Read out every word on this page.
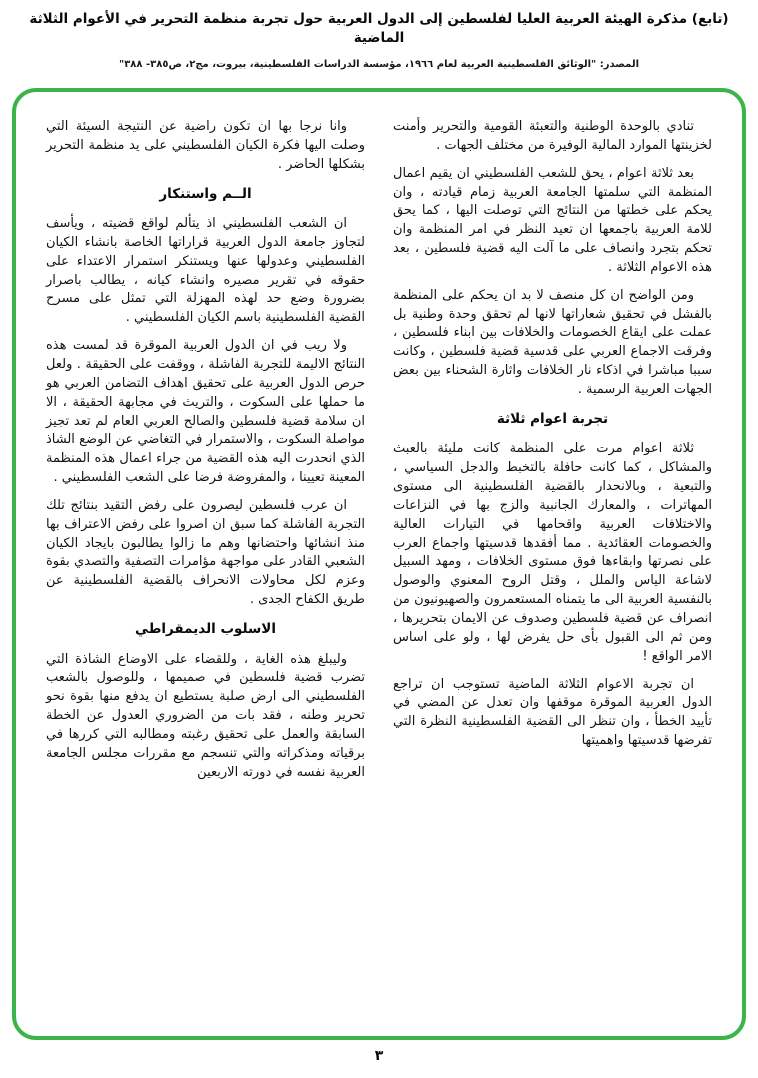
(تابع) مذكرة الهيئة العربية العليا لفلسطين إلى الدول العربية حول تجربة منظمة التحرير في الأعوام الثلاثة الماضية
المصدر: "الوثائق الفلسطينية العربية لعام ١٩٦٦، مؤسسة الدراسات الفلسطينية، بيروت، مج٢، ص٣٨٥- ٣٨٨"

تنادي بالوحدة الوطنية والتعبئة القومية والتحرير وأمنت لخزينتها الموارد المالية الوفيرة من مختلف الجهات .

بعد ثلاثة اعوام ، يحق للشعب الفلسطيني ان يقيم اعمال المنظمة التي سلمتها الجامعة العربية زمام قيادته ، وان يحكم على خطتها من النتائج التي توصلت اليها ، كما يحق للامة العربية باجمعها ان تعيد النظر في امر المنظمة وان تحكم بتجرد وانصاف على ما آلت اليه قضية فلسطين ، بعد هذه الاعوام الثلاثة .

ومن الواضح ان كل منصف لا بد ان يحكم على المنظمة بالفشل في تحقيق شعاراتها لانها لم تحقق وحدة وطنية بل عملت على ايقاع الخصومات والخلافات بين ابناء فلسطين ، وفرقت الاجماع العربي على قدسية قضية فلسطين ، وكانت سببا مباشرا في اذكاء نار الخلافات واثارة الشحناء بين بعض الجهات العربية الرسمية .

تجربة اعوام ثلاثة

ثلاثة اعوام مرت على المنظمة كانت مليئة بالعبث والمشاكل ، كما كانت حافلة بالتخبط والدجل السياسي ، والتبعية ، وبالانحدار بالقضية الفلسطينية الى مستوى المهاترات ، والمعارك الجانبية والزج بها في النزاعات والاختلافات العربية واقحامها في التيارات العالية والخصومات العقائدية . مما أفقدها قدسيتها واجماع العرب على نصرتها وابقاءها فوق مستوى الخلافات ، ومهد السبيل لاشاعة الياس والملل ، وقتل الروح المعنوي والوصول بالنفسية العربية الى ما يتمناه المستعمرون والصهيونيون من انصراف عن قضية فلسطين وصدوف عن الايمان بتحريرها ، ومن ثم الى القبول بأى حل يفرض لها ، ولو على اساس الامر الواقع !

ان تجربة الاعوام الثلاثة الماضية تستوجب ان تراجع الدول العربية الموقرة موقفها وان تعدل عن المضي في تأييد الخطأ ، وان تنظر الى القضية الفلسطينية النظرة التي تفرضها قدسيتها واهميتها

وانا نرجا بها ان تكون راضية عن النتيجة السيئة التي وصلت اليها فكرة الكيان الفلسطيني على يد منظمة التحرير بشكلها الحاضر .

الــم واستنكار

ان الشعب الفلسطيني اذ يتألم لواقع قضيته ، ويأسف لتجاوز جامعة الدول العربية قراراتها الخاصة بانشاء الكيان الفلسطيني وعدولها عنها ويستنكر استمرار الاعتداء على حقوقه في تقرير مصيره وانشاء كيانه ، يطالب باصرار بضرورة وضع حد لهذه المهزلة التي تمثل على مسرح القضية الفلسطينية باسم الكيان الفلسطيني .

ولا ريب في ان الدول العربية الموقرة قد لمست هذه النتائج الاليمة للتجربة الفاشلة ، ووقفت على الحقيقة . ولعل حرص الدول العربية على تحقيق اهداف التضامن العربي هو ما حملها على السكوت ، والتريث في مجابهة الحقيقة ، الا ان سلامة قضية فلسطين والصالح العربي العام لم تعد تجيز مواصلة السكوت ، والاستمرار في التغاضي عن الوضع الشاذ الذي انحدرت اليه هذه القضية من جراء اعمال هذه المنظمة المعينة تعيينا ، والمفروضة فرضا على الشعب الفلسطيني .

ان عرب فلسطين ليصرون على رفض التقيد بنتائج تلك التجربة الفاشلة كما سبق ان اصروا على رفض الاعتراف بها منذ انشائها واحتضانها وهم ما زالوا يطالبون بايجاد الكيان الشعبي القادر على مواجهة مؤامرات التصفية والتصدي بقوة وعزم لكل محاولات الانحراف بالقضية الفلسطينية عن طريق الكفاح الجدى .

الاسلوب الديمقراطي

وليبلغ هذه الغاية ، وللقضاء على الاوضاع الشاذة التي تضرب قضية فلسطين في صميمها ، وللوصول بالشعب الفلسطيني الى ارض صلبة يستطيع ان يدفع منها بقوة نحو تحرير وطنه ، فقد بات من الضروري العدول عن الخطة السابقة والعمل على تحقيق رغبته ومطالبه التي كررها في برقياته ومذكراته والتي تنسجم مع مقررات مجلس الجامعة العربية نفسه في دورته الاربعين

٣
